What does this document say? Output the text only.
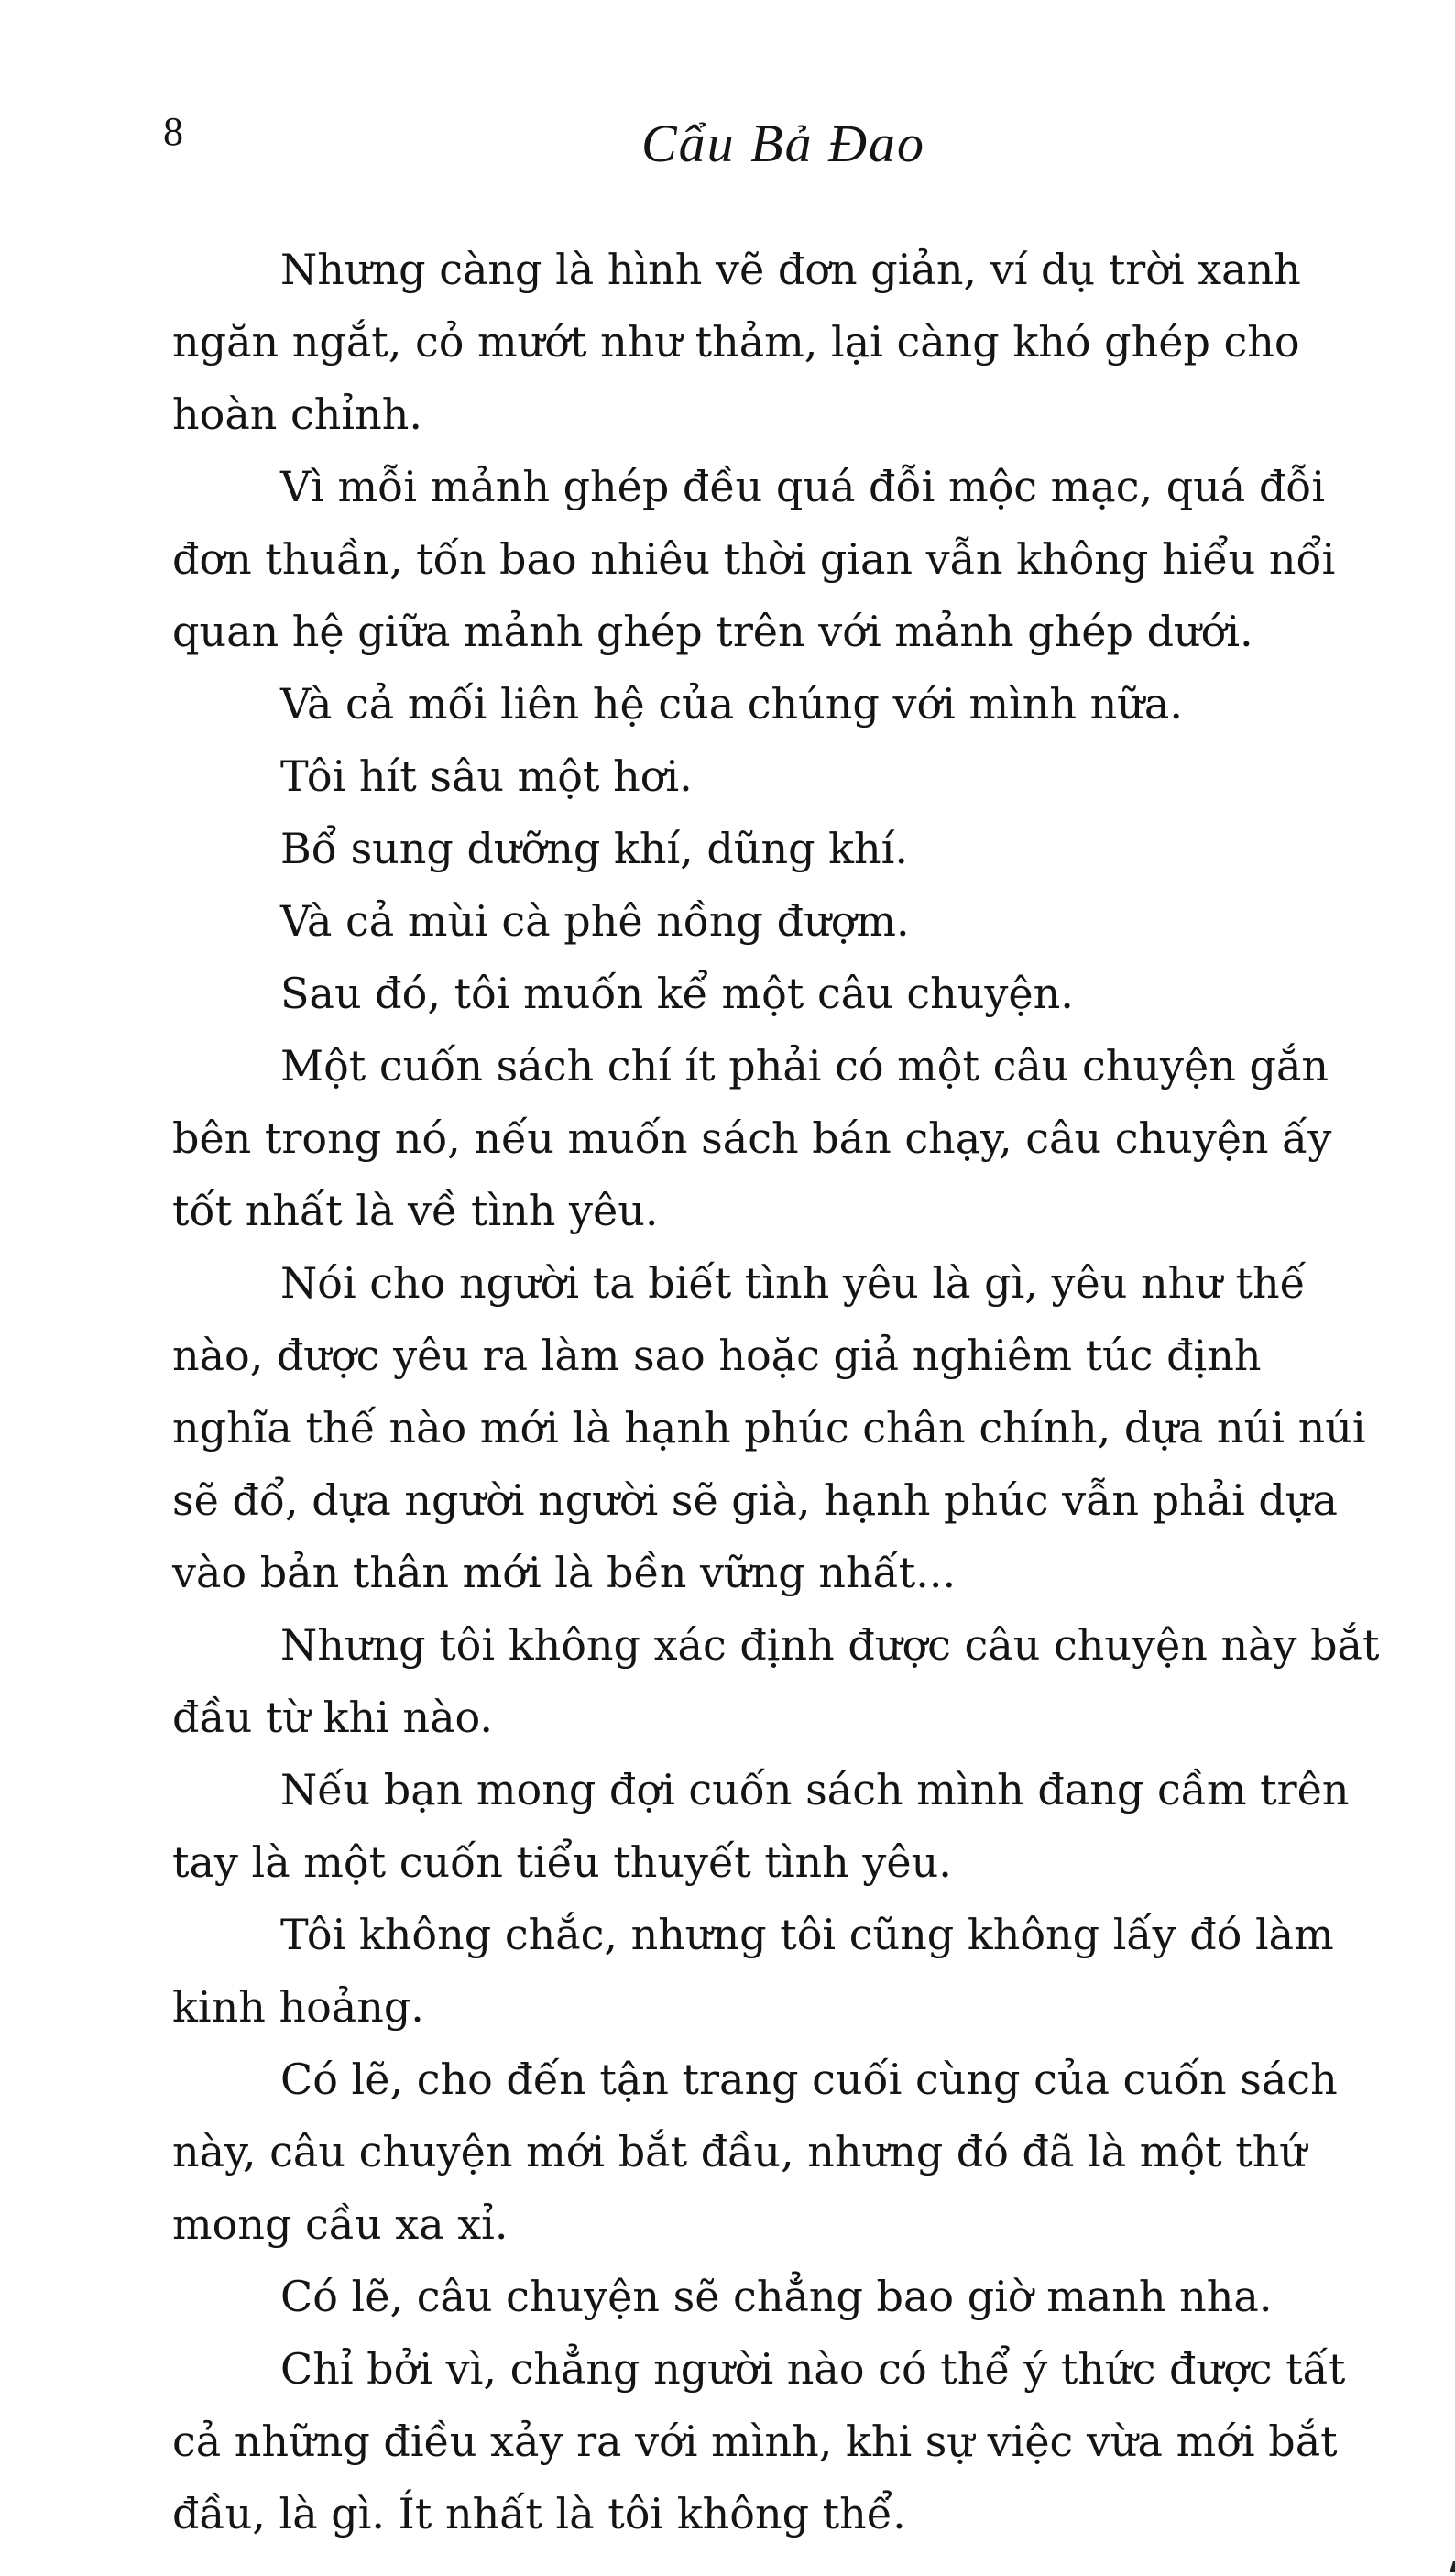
8	Cẩu Bả Đao

Nhưng càng là hình vẽ đơn giản, ví dụ trời xanh ngăn ngắt, cỏ mướt như thảm, lại càng khó ghép cho hoàn chỉnh.

Vì mỗi mảnh ghép đều quá đỗi mộc mạc, quá đỗi đơn thuần, tốn bao nhiêu thời gian vẫn không hiểu nổi quan hệ giữa mảnh ghép trên với mảnh ghép dưới.

Và cả mối liên hệ của chúng với mình nữa.

Tôi hít sâu một hơi.

Bổ sung dưỡng khí, dũng khí.

Và cả mùi cà phê nồng đượm.

Sau đó, tôi muốn kể một câu chuyện.

Một cuốn sách chí ít phải có một câu chuyện gắn bên trong nó, nếu muốn sách bán chạy, câu chuyện ấy tốt nhất là về tình yêu.

Nói cho người ta biết tình yêu là gì, yêu như thế nào, được yêu ra làm sao hoặc giả nghiêm túc định nghĩa thế nào mới là hạnh phúc chân chính, dựa núi núi sẽ đổ, dựa người người sẽ già, hạnh phúc vẫn phải dựa vào bản thân mới là bền vững nhất...

Nhưng tôi không xác định được câu chuyện này bắt đầu từ khi nào.

Nếu bạn mong đợi cuốn sách mình đang cầm trên tay là một cuốn tiểu thuyết tình yêu.

Tôi không chắc, nhưng tôi cũng không lấy đó làm kinh hoảng.

Có lẽ, cho đến tận trang cuối cùng của cuốn sách này, câu chuyện mới bắt đầu, nhưng đó đã là một thứ mong cầu xa xỉ.

Có lẽ, câu chuyện sẽ chẳng bao giờ manh nha.

Chỉ bởi vì, chẳng người nào có thể ý thức được tất cả những điều xảy ra với mình, khi sự việc vừa mới bắt đầu, là gì. Ít nhất là tôi không thể.
